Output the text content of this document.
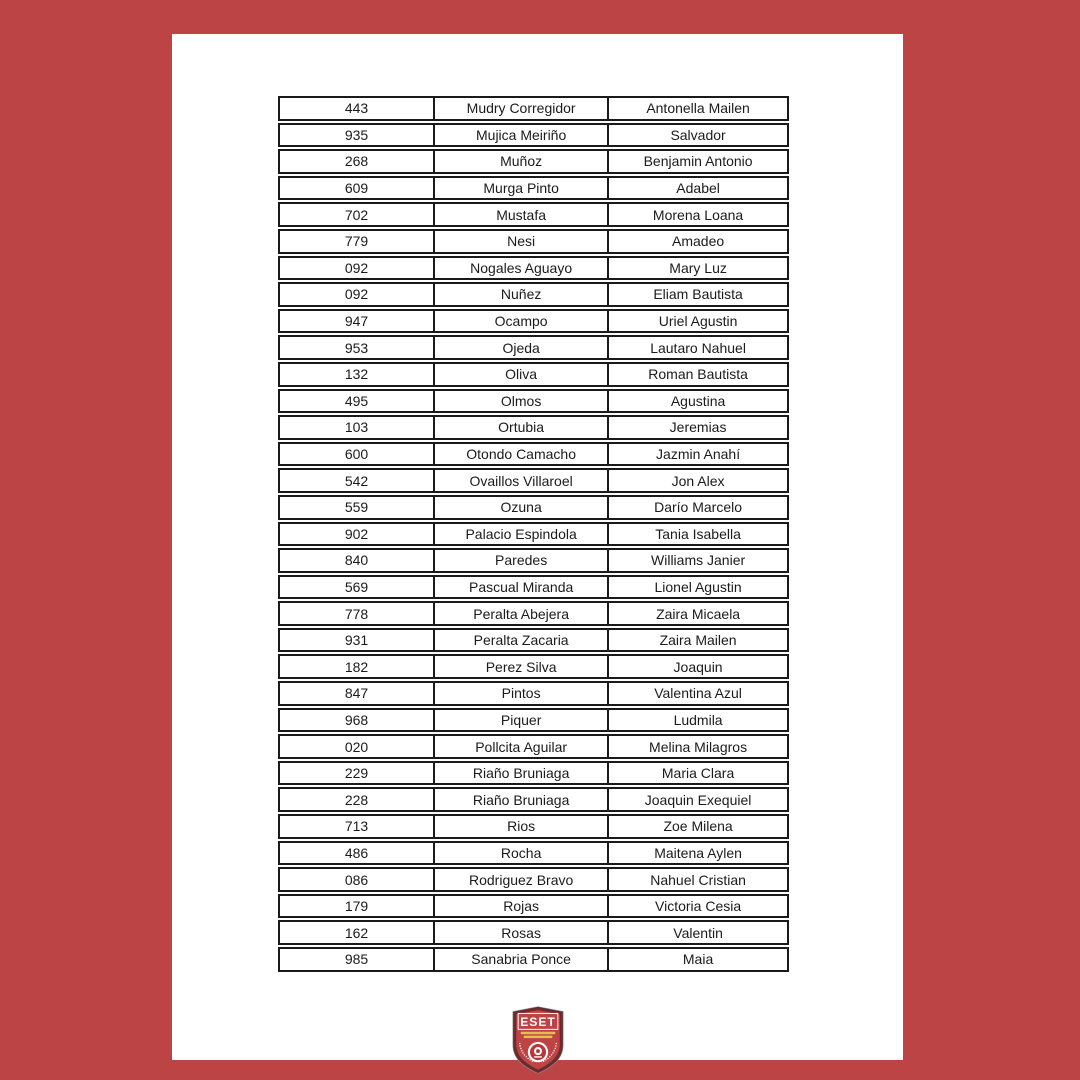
443	Mudry Corregidor	Antonella Mailen
935	Mujica Meiriño	Salvador
268	Muñoz	Benjamin Antonio
609	Murga Pinto	Adabel
702	Mustafa	Morena Loana
779	Nesi	Amadeo
092	Nogales Aguayo	Mary Luz
092	Nuñez	Eliam Bautista
947	Ocampo	Uriel Agustin
953	Ojeda	Lautaro Nahuel
132	Oliva	Roman Bautista
495	Olmos	Agustina
103	Ortubia	Jeremias
600	Otondo Camacho	Jazmin Anahí
542	Ovaillos Villaroel	Jon Alex
559	Ozuna	Darío Marcelo
902	Palacio Espindola	Tania Isabella
840	Paredes	Williams Janier
569	Pascual Miranda	Lionel Agustin
778	Peralta Abejera	Zaira Micaela
931	Peralta Zacaria	Zaira Mailen
182	Perez Silva	Joaquin
847	Pintos	Valentina Azul
968	Piquer	Ludmila
020	Pollcita Aguilar	Melina Milagros
229	Riaño Bruniaga	Maria Clara
228	Riaño Bruniaga	Joaquin Exequiel
713	Rios	Zoe Milena
486	Rocha	Maitena Aylen
086	Rodriguez Bravo	Nahuel Cristian
179	Rojas	Victoria Cesia
162	Rosas	Valentin
985	Sanabria Ponce	Maia
ESET
